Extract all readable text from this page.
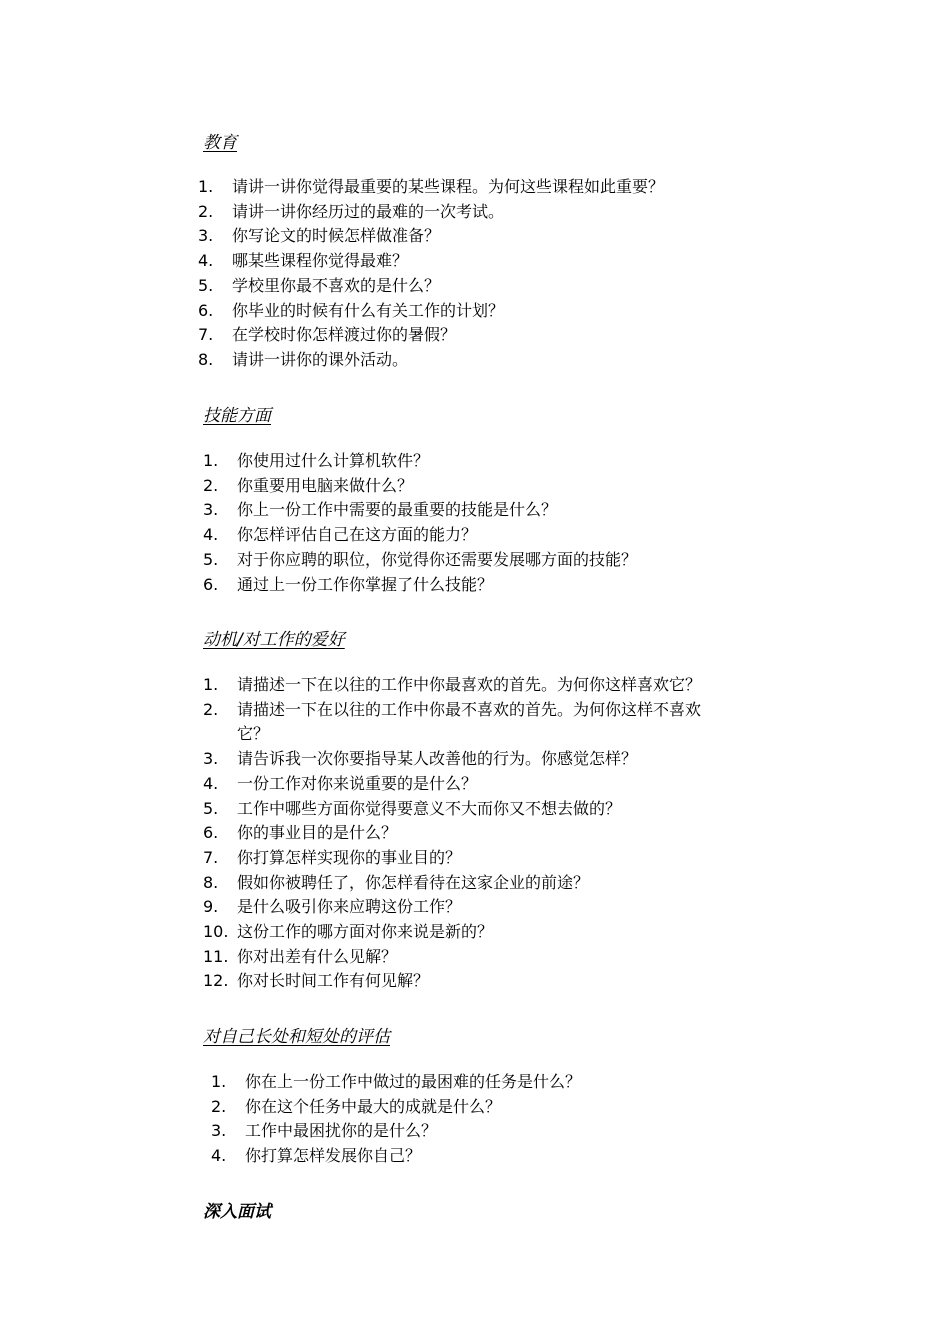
教育
1. 请讲一讲你觉得最重要的某些课程。为何这些课程如此重要？

2. 请讲一讲你经历过的最难的一次考试。

3. 你写论文的时候怎样做准备？

4. 哪某些课程你觉得最难？

5. 学校里你最不喜欢的是什么？

6. 你毕业的时候有什么有关工作的计划？

7. 在学校时你怎样渡过你的暑假？

8. 请讲一讲你的课外活动。

技能方面
1. 你使用过什么计算机软件？

2. 你重要用电脑来做什么？

3. 你上一份工作中需要的最重要的技能是什么？

4. 你怎样评估自己在这方面的能力？

5. 对于你应聘的职位，你觉得你还需要发展哪方面的技能？

6. 通过上一份工作你掌握了什么技能？

动机/对工作的爱好
1. 请描述一下在以往的工作中你最喜欢的首先。为何你这样喜欢它？

2. 请描述一下在以往的工作中你最不喜欢的首先。为何你这样不喜欢

它？

3. 请告诉我一次你要指导某人改善他的行为。你感觉怎样？

4. 一份工作对你来说重要的是什么？

5. 工作中哪些方面你觉得要意义不大而你又不想去做的？

6. 你的事业目的是什么？

7. 你打算怎样实现你的事业目的？

8. 假如你被聘任了，你怎样看待在这家企业的前途？

9. 是什么吸引你来应聘这份工作？

10. 这份工作的哪方面对你来说是新的？

11. 你对出差有什么见解？

12. 你对长时间工作有何见解？

对自己长处和短处的评估
1. 你在上一份工作中做过的最困难的任务是什么？

2. 你在这个任务中最大的成就是什么？

3. 工作中最困扰你的是什么？

4. 你打算怎样发展你自己？

深入面试
